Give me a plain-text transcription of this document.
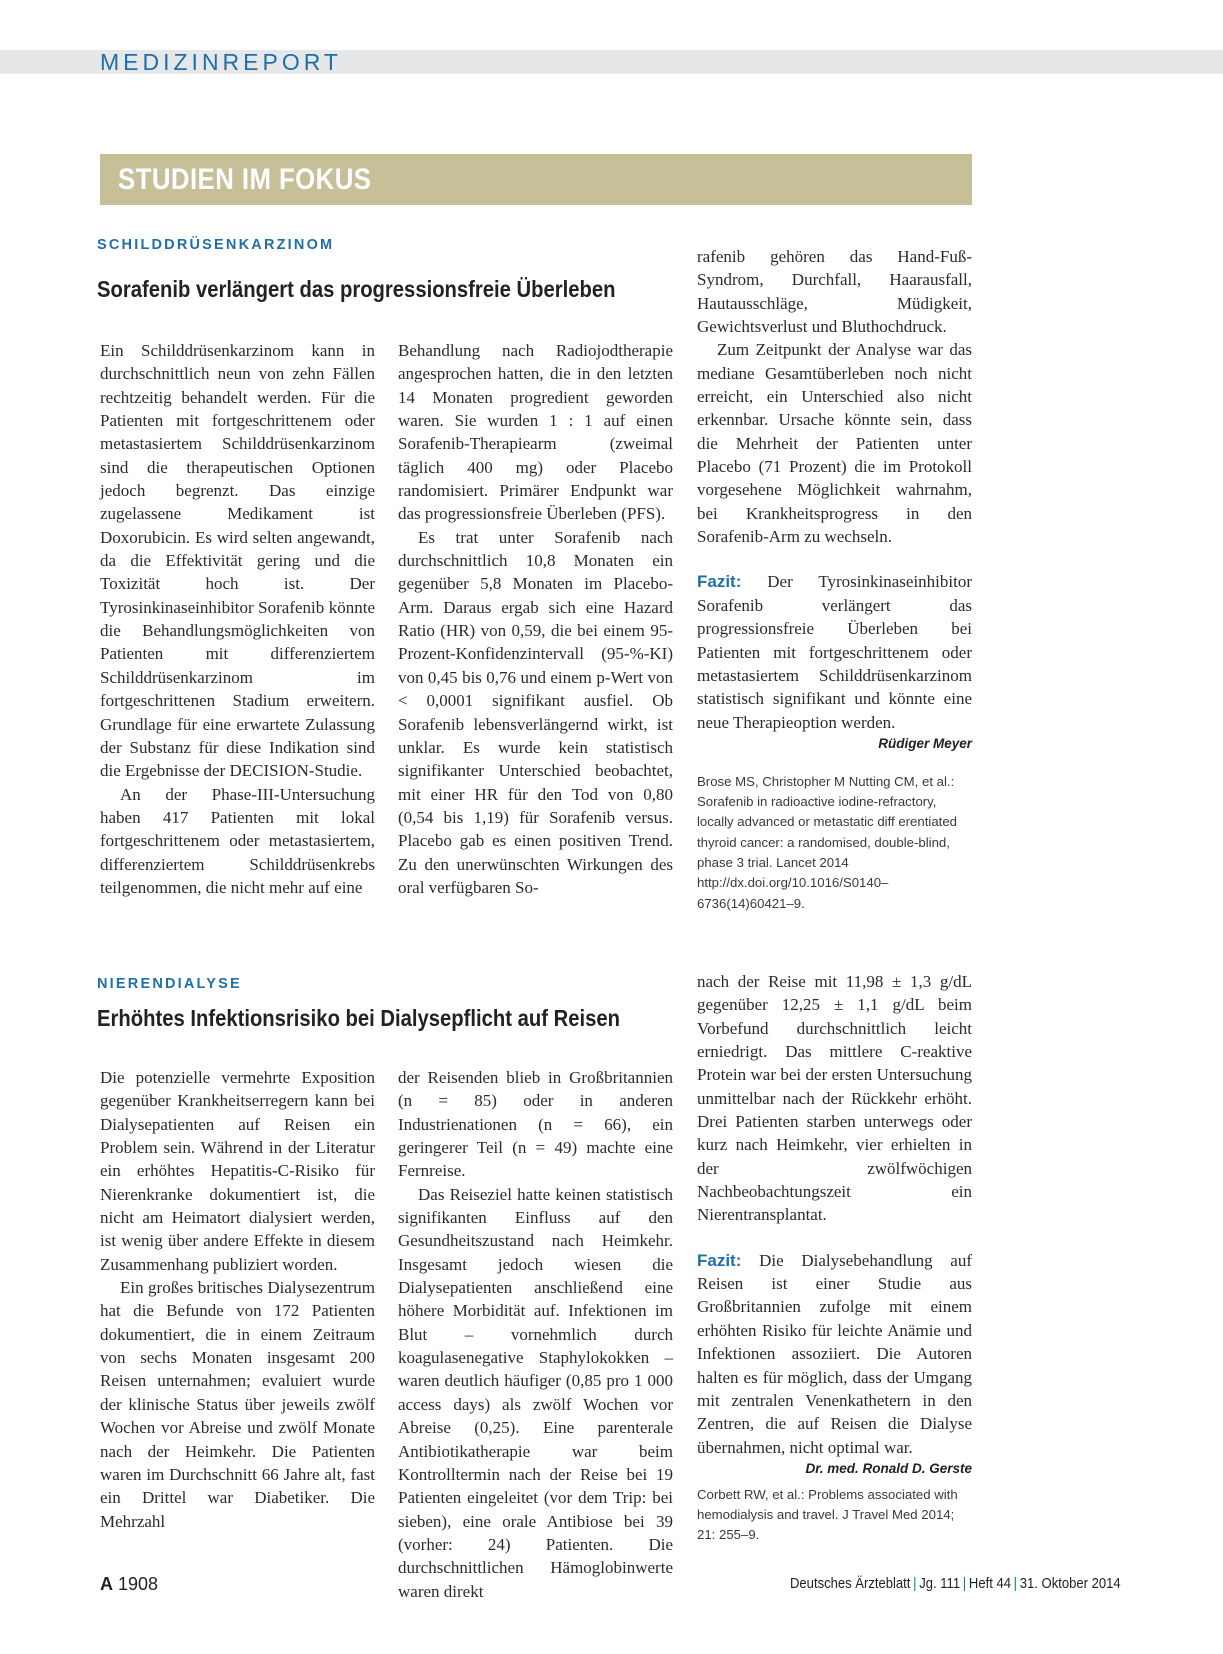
MEDIZINREPORT
STUDIEN IM FOKUS
SCHILDDRÜSENKARZINOM
Sorafenib verlängert das progressionsfreie Überleben

Ein Schilddrüsenkarzinom kann in durchschnittlich neun von zehn Fällen rechtzeitig behandelt werden. Für die Patienten mit fortgeschrittenem oder metastasiertem Schilddrüsenkarzinom sind die therapeutischen Optionen jedoch begrenzt. Das einzige zugelassene Medikament ist Doxorubicin. Es wird selten angewandt, da die Effektivität gering und die Toxizität hoch ist. Der Tyrosinkinaseinhibitor Sorafenib könnte die Behandlungsmöglichkeiten von Patienten mit differenziertem Schilddrüsenkarzinom im fortgeschrittenen Stadium erweitern. Grundlage für eine erwartete Zulassung der Substanz für diese Indikation sind die Ergebnisse der DECISION-Studie.

An der Phase-III-Untersuchung haben 417 Patienten mit lokal fortgeschrittenem oder metastasiertem, differenziertem Schilddrüsenkrebs teilgenommen, die nicht mehr auf eine

Behandlung nach Radiojodtherapie angesprochen hatten, die in den letzten 14 Monaten progredient geworden waren. Sie wurden 1 : 1 auf einen Sorafenib-Therapiearm (zweimal täglich 400 mg) oder Placebo randomisiert. Primärer Endpunkt war das progressionsfreie Überleben (PFS).

Es trat unter Sorafenib nach durchschnittlich 10,8 Monaten ein gegenüber 5,8 Monaten im Placebo-Arm. Daraus ergab sich eine Hazard Ratio (HR) von 0,59, die bei einem 95-Prozent-Konfidenzintervall (95-%-KI) von 0,45 bis 0,76 und einem p-Wert von < 0,0001 signifikant ausfiel. Ob Sorafenib lebensverlängernd wirkt, ist unklar. Es wurde kein statistisch signifikanter Unterschied beobachtet, mit einer HR für den Tod von 0,80 (0,54 bis 1,19) für Sorafenib versus. Placebo gab es einen positiven Trend. Zu den unerwünschten Wirkungen des oral verfügbaren So-

rafenib gehören das Hand-Fuß-Syndrom, Durchfall, Haarausfall, Hautausschläge, Müdigkeit, Gewichtsverlust und Bluthochdruck.

Zum Zeitpunkt der Analyse war das mediane Gesamtüberleben noch nicht erreicht, ein Unterschied also nicht erkennbar. Ursache könnte sein, dass die Mehrheit der Patienten unter Placebo (71 Prozent) die im Protokoll vorgesehene Möglichkeit wahrnahm, bei Krankheitsprogress in den Sorafenib-Arm zu wechseln.

Fazit: Der Tyrosinkinaseinhibitor Sorafenib verlängert das progressionsfreie Überleben bei Patienten mit fortgeschrittenem oder metastasiertem Schilddrüsenkarzinom statistisch signifikant und könnte eine neue Therapieoption werden.

Rüdiger Meyer
Brose MS, Christopher M Nutting CM, et al.: Sorafenib in radioactive iodine-refractory, locally advanced or metastatic diff erentiated thyroid cancer: a randomised, double-blind, phase 3 trial. Lancet 2014 http://dx.doi.org/10.1016/S0140–6736(14)60421–9.
NIERENDIALYSE
Erhöhtes Infektionsrisiko bei Dialysepflicht auf Reisen

Die potenzielle vermehrte Exposition gegenüber Krankheitserregern kann bei Dialysepatienten auf Reisen ein Problem sein. Während in der Literatur ein erhöhtes Hepatitis-C-Risiko für Nierenkranke dokumentiert ist, die nicht am Heimatort dialysiert werden, ist wenig über andere Effekte in diesem Zusammenhang publiziert worden.

Ein großes britisches Dialysezentrum hat die Befunde von 172 Patienten dokumentiert, die in einem Zeitraum von sechs Monaten insgesamt 200 Reisen unternahmen; evaluiert wurde der klinische Status über jeweils zwölf Wochen vor Abreise und zwölf Monate nach der Heimkehr. Die Patienten waren im Durchschnitt 66 Jahre alt, fast ein Drittel war Diabetiker. Die Mehrzahl

der Reisenden blieb in Großbritannien (n = 85) oder in anderen Industrienationen (n = 66), ein geringerer Teil (n = 49) machte eine Fernreise.

Das Reiseziel hatte keinen statistisch signifikanten Einfluss auf den Gesundheitszustand nach Heimkehr. Insgesamt jedoch wiesen die Dialysepatienten anschließend eine höhere Morbidität auf. Infektionen im Blut – vornehmlich durch koagulasenegative Staphylokokken – waren deutlich häufiger (0,85 pro 1 000 access days) als zwölf Wochen vor Abreise (0,25). Eine parenterale Antibiotikatherapie war beim Kontrolltermin nach der Reise bei 19 Patienten eingeleitet (vor dem Trip: bei sieben), eine orale Antibiose bei 39 (vorher: 24) Patienten. Die durchschnittlichen Hämoglobinwerte waren direkt

nach der Reise mit 11,98 ± 1,3 g/dL gegenüber 12,25 ± 1,1 g/dL beim Vorbefund durchschnittlich leicht erniedrigt. Das mittlere C-reaktive Protein war bei der ersten Untersuchung unmittelbar nach der Rückkehr erhöht. Drei Patienten starben unterwegs oder kurz nach Heimkehr, vier erhielten in der zwölfwöchigen Nachbeobachtungszeit ein Nierentransplantat.

Fazit: Die Dialysebehandlung auf Reisen ist einer Studie aus Großbritannien zufolge mit einem erhöhten Risiko für leichte Anämie und Infektionen assoziiert. Die Autoren halten es für möglich, dass der Umgang mit zentralen Venenkathetern in den Zentren, die auf Reisen die Dialyse übernahmen, nicht optimal war.

Dr. med. Ronald D. Gerste
Corbett RW, et al.: Problems associated with hemodialysis and travel. J Travel Med 2014; 21: 255–9.
A 1908	Deutsches Ärzteblatt | Jg. 111 | Heft 44 | 31. Oktober 2014
